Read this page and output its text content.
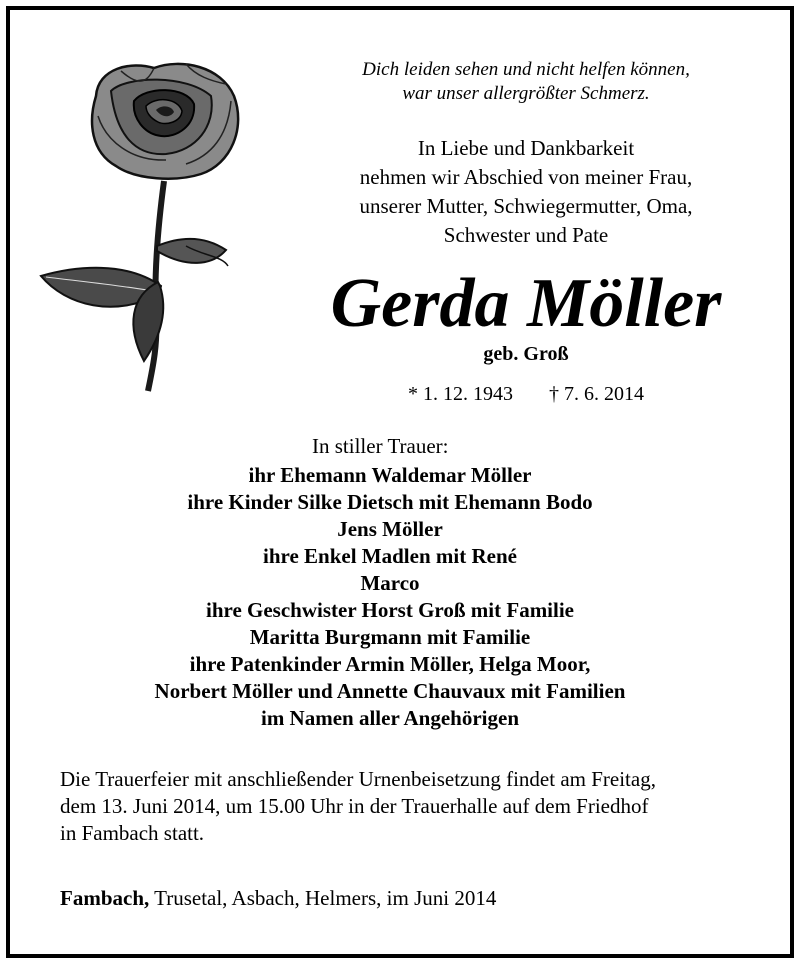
Dich leiden sehen und nicht helfen können,
war unser allergrößter Schmerz.
In Liebe und Dankbarkeit
nehmen wir Abschied von meiner Frau,
unserer Mutter, Schwiegermutter, Oma,
Schwester und Pate
Gerda Möller
geb. Groß
* 1. 12. 1943 † 7. 6. 2014
In stiller Trauer:
ihr Ehemann Waldemar Möller
ihre Kinder Silke Dietsch mit Ehemann Bodo
Jens Möller
ihre Enkel Madlen mit René
Marco
ihre Geschwister Horst Groß mit Familie
Maritta Burgmann mit Familie
ihre Patenkinder Armin Möller, Helga Moor,
Norbert Möller und Annette Chauvaux mit Familien
im Namen aller Angehörigen
Die Trauerfeier mit anschließender Urnenbeisetzung findet am Freitag,
dem 13. Juni 2014, um 15.00 Uhr in der Trauerhalle auf dem Friedhof
in Fambach statt.
Fambach, Trusetal, Asbach, Helmers, im Juni 2014
